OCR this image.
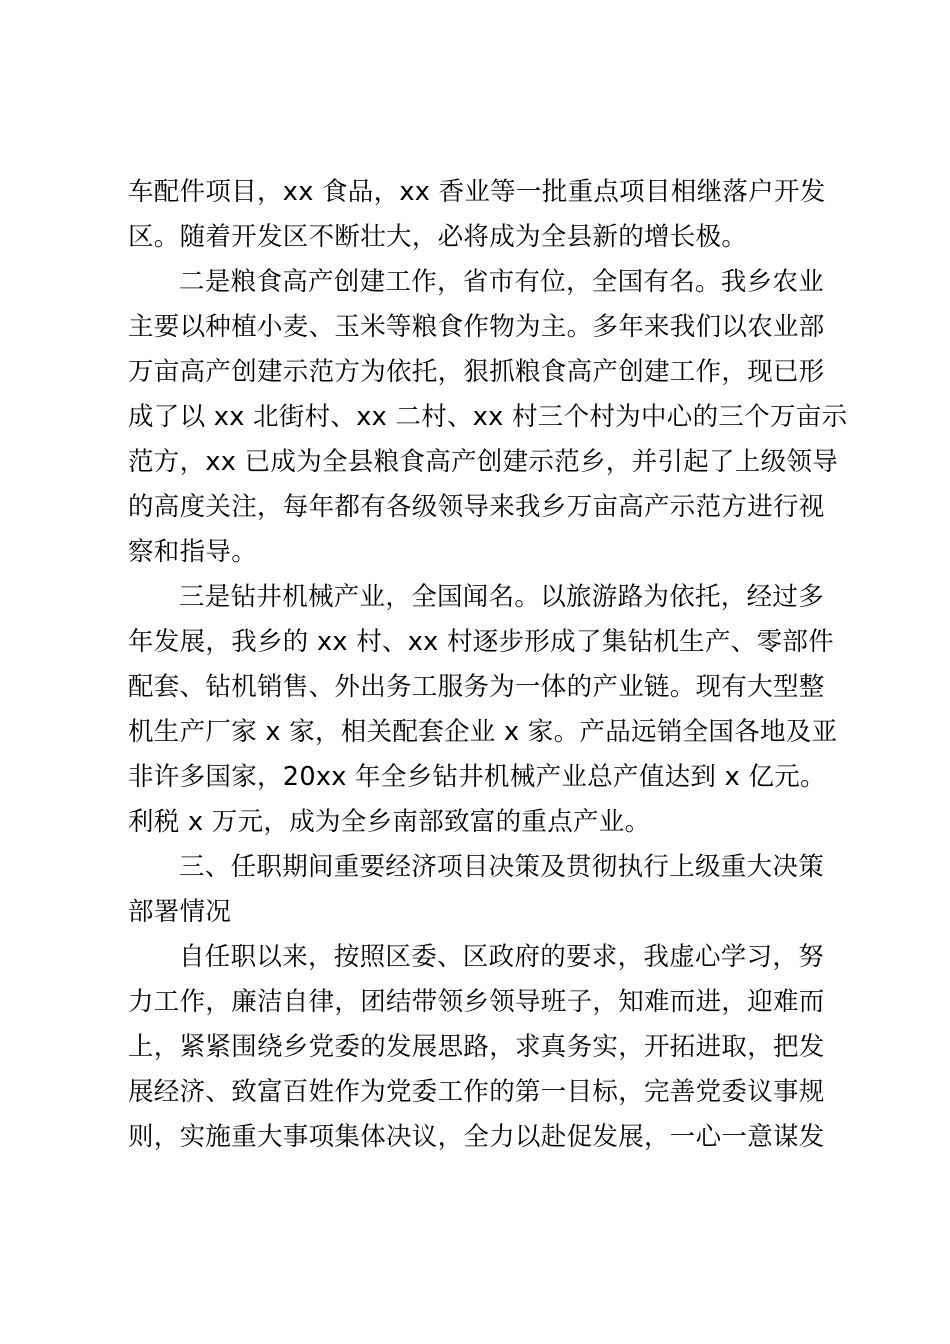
车配件项目，xx 食品，xx 香业等一批重点项目相继落户开发
区。随着开发区不断壮大，必将成为全县新的增长极。
二是粮食高产创建工作，省市有位，全国有名。我乡农业
主要以种植小麦、玉米等粮食作物为主。多年来我们以农业部
万亩高产创建示范方为依托，狠抓粮食高产创建工作，现已形
成了以 xx 北街村、xx 二村、xx 村三个村为中心的三个万亩示
范方，xx 已成为全县粮食高产创建示范乡，并引起了上级领导
的高度关注，每年都有各级领导来我乡万亩高产示范方进行视
察和指导。
三是钻井机械产业，全国闻名。以旅游路为依托，经过多
年发展，我乡的 xx 村、xx 村逐步形成了集钻机生产、零部件
配套、钻机销售、外出务工服务为一体的产业链。现有大型整
机生产厂家 x 家，相关配套企业 x 家。产品远销全国各地及亚
非许多国家，20xx 年全乡钻井机械产业总产值达到 x 亿元。
利税 x 万元，成为全乡南部致富的重点产业。
三、任职期间重要经济项目决策及贯彻执行上级重大决策
部署情况
自任职以来，按照区委、区政府的要求，我虚心学习，努
力工作，廉洁自律，团结带领乡领导班子，知难而进，迎难而
上，紧紧围绕乡党委的发展思路，求真务实，开拓进取，把发
展经济、致富百姓作为党委工作的第一目标，完善党委议事规
则，实施重大事项集体决议，全力以赴促发展，一心一意谋发
